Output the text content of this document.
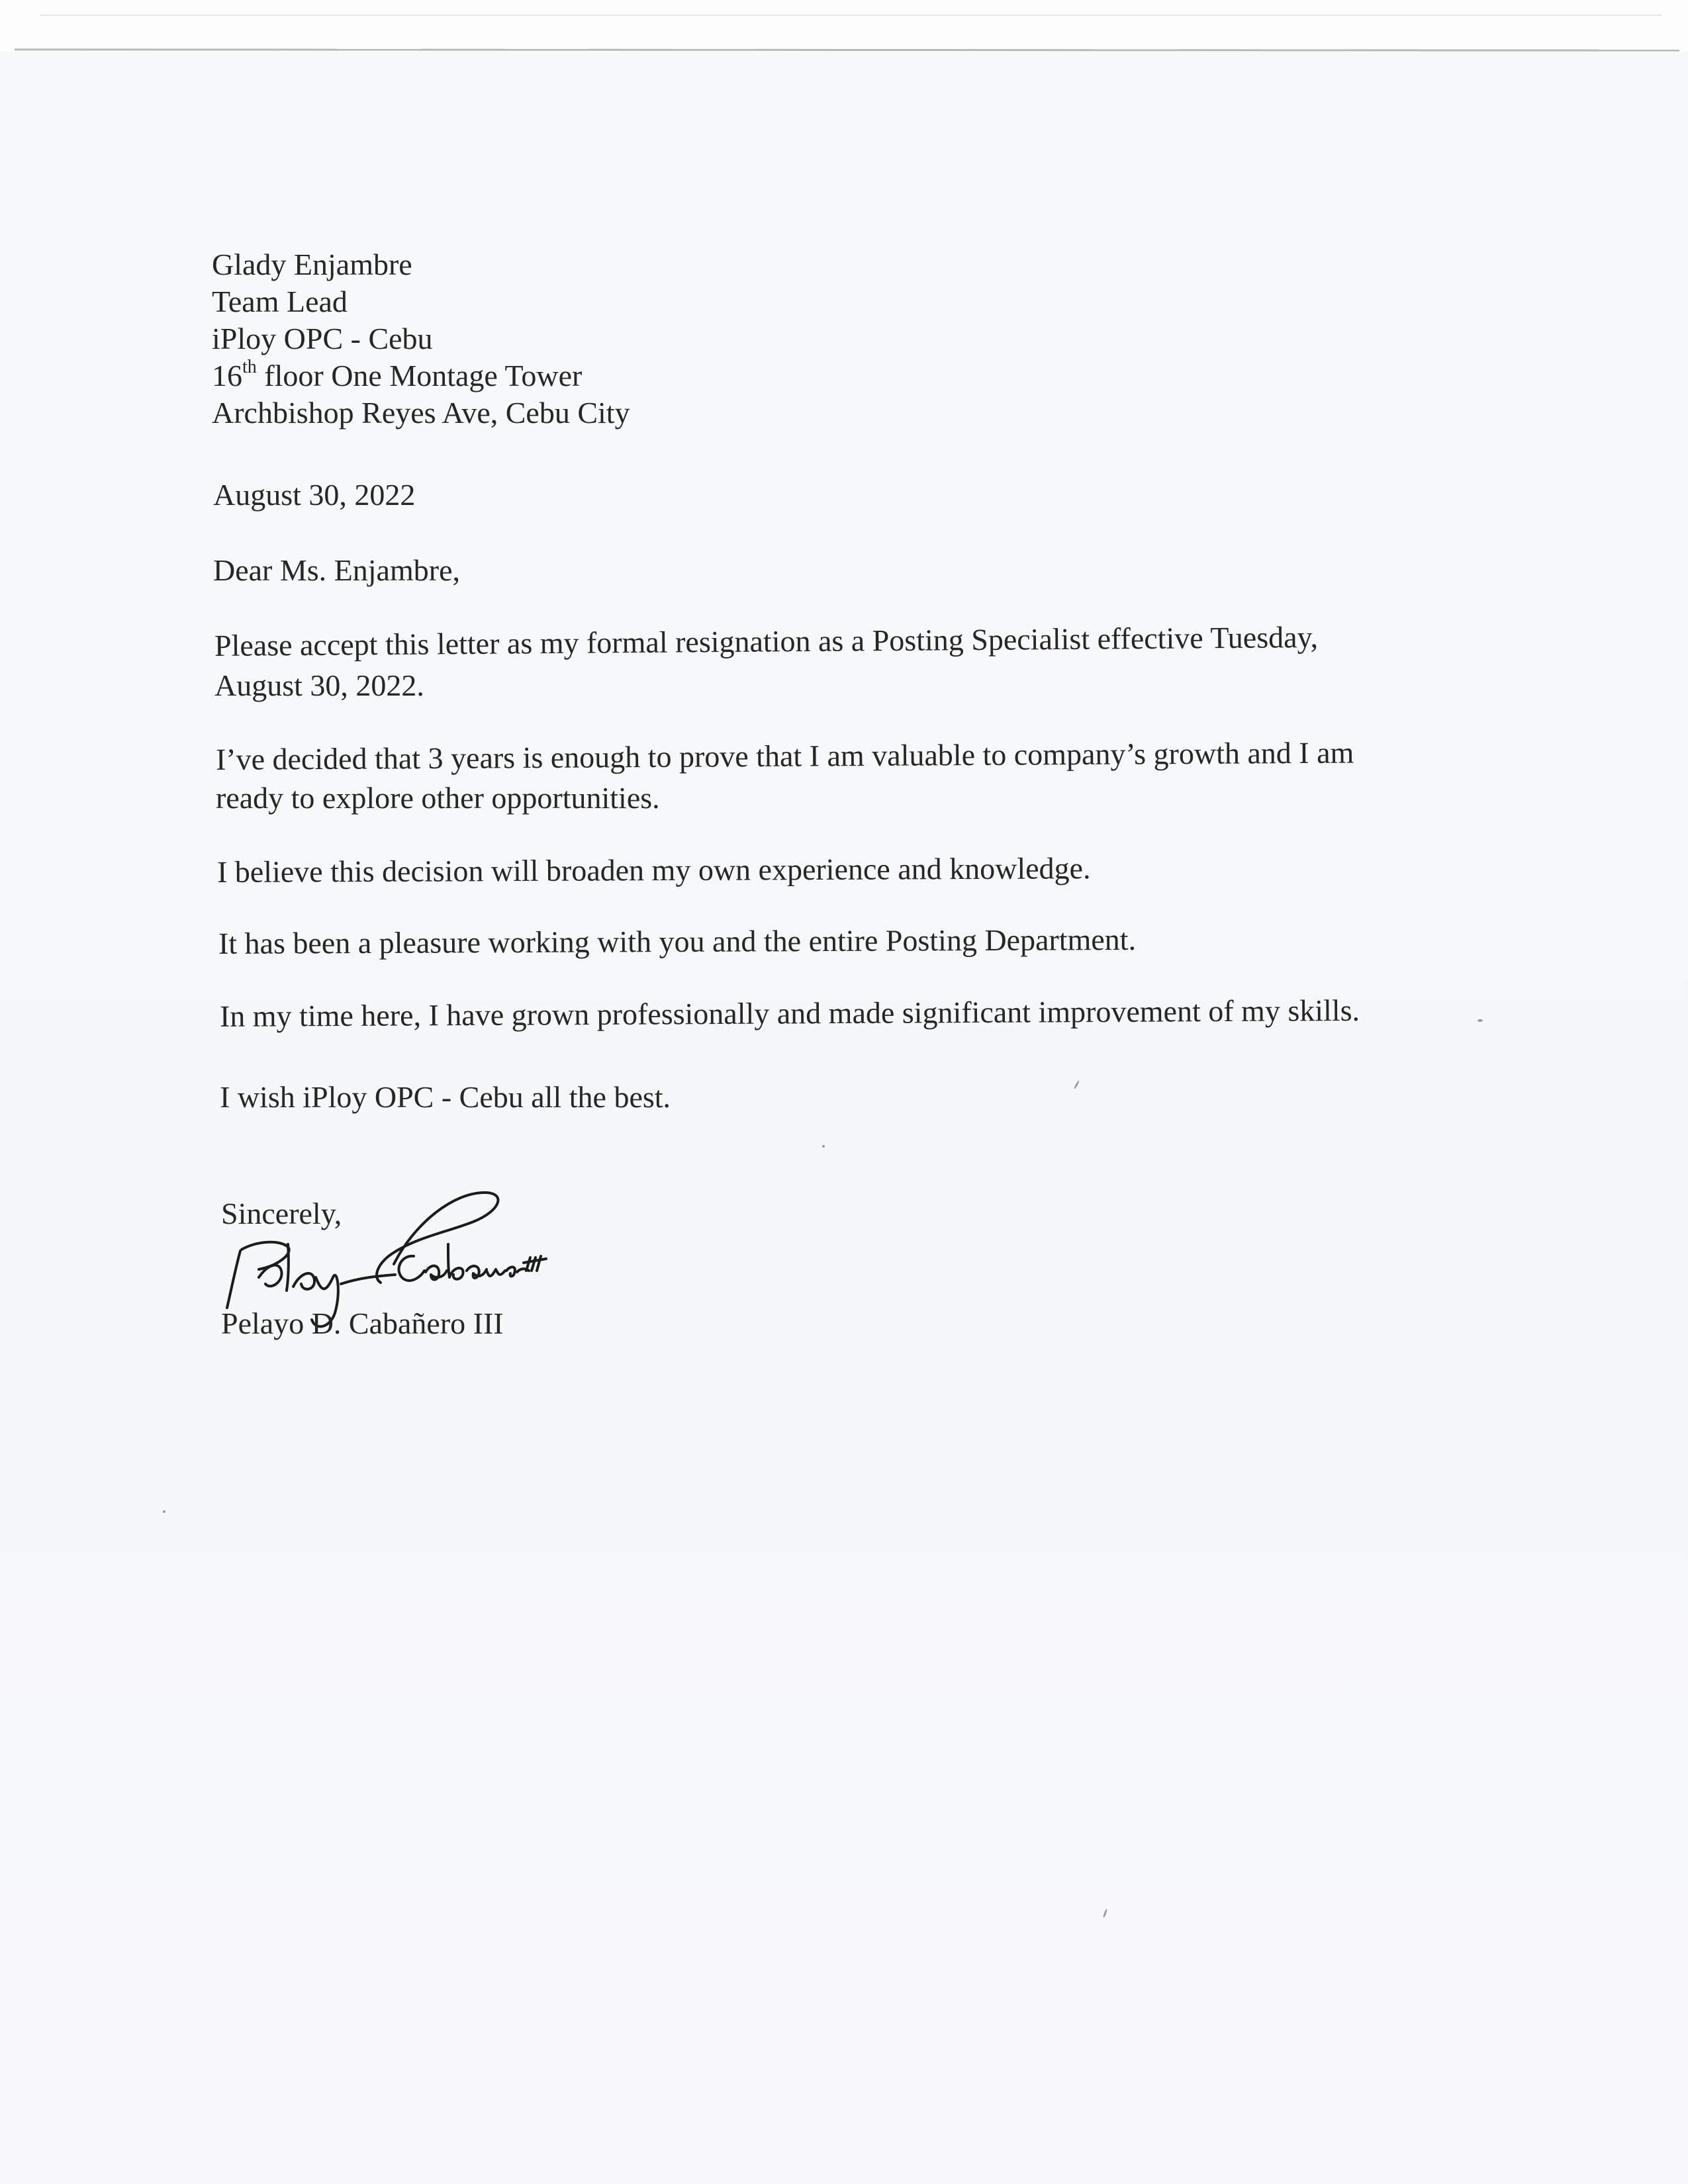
Glady Enjambre
Team Lead
iPloy OPC - Cebu
16th floor One Montage Tower
Archbishop Reyes Ave, Cebu City
August 30, 2022
Dear Ms. Enjambre,
Please accept this letter as my formal resignation as a Posting Specialist effective Tuesday,
August 30, 2022.
I’ve decided that 3 years is enough to prove that I am valuable to company’s growth and I am
ready to explore other opportunities.
I believe this decision will broaden my own experience and knowledge.
It has been a pleasure working with you and the entire Posting Department.
In my time here, I have grown professionally and made significant improvement of my skills.
I wish iPloy OPC - Cebu all the best.
Sincerely,
Pelayo D. Cabañero III
